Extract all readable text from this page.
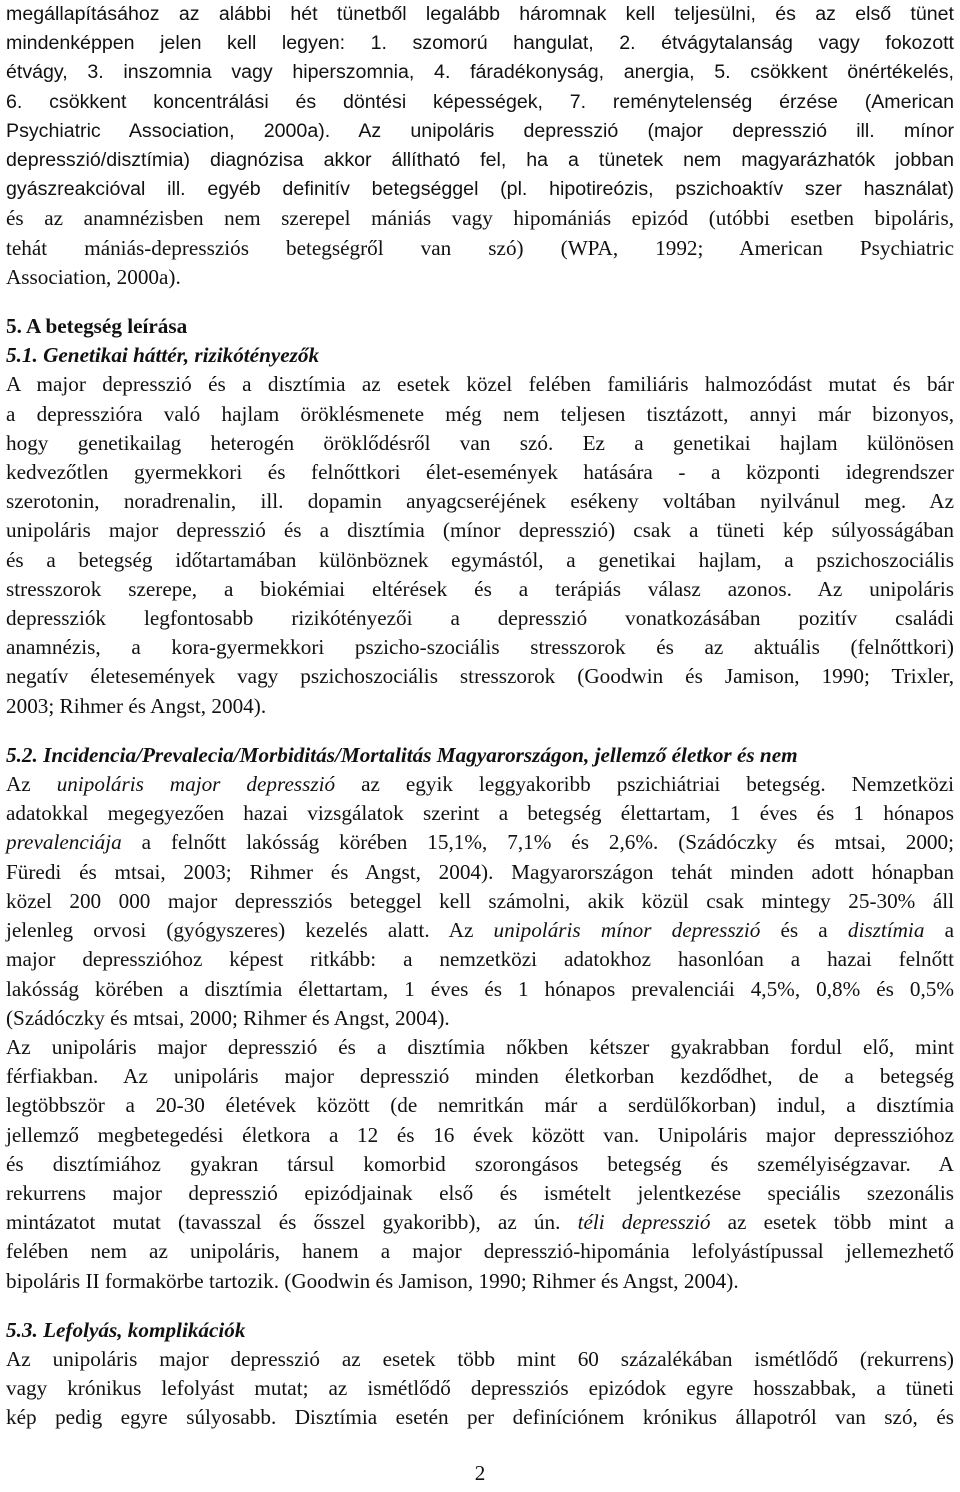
megállapításához az alábbi hét tünetből legalább háromnak kell teljesülni, és az első tünet
mindenképpen jelen kell legyen: 1. szomorú hangulat, 2. étvágytalanság vagy fokozott
étvágy, 3. inszomnia vagy hiperszomnia, 4. fáradékonyság, anergia, 5. csökkent önértékelés,
6. csökkent koncentrálási és döntési képességek, 7. reménytelenség érzése (American
Psychiatric Association, 2000a). Az unipoláris depresszió (major depresszió ill. mínor
depresszió/disztímia) diagnózisa akkor állítható fel, ha a tünetek nem magyarázhatók jobban
gyászreakcióval ill. egyéb definitív betegséggel (pl. hipotireózis, pszichoaktív szer használat)

és az anamnézisben nem szerepel mániás vagy hipomániás epizód (utóbbi esetben bipoláris,
tehát mániás-depressziós betegségről van szó) (WPA, 1992; American Psychiatric
Association, 2000a).

5. A betegség leírása
5.1. Genetikai háttér, rizikótényezők

A major depresszió és a disztímia az esetek közel felében familiáris halmozódást mutat és bár
a depresszióra való hajlam öröklésmenete még nem teljesen tisztázott, annyi már bizonyos,
hogy genetikailag heterogén öröklődésről van szó. Ez a genetikai hajlam különösen
kedvezőtlen gyermekkori és felnőttkori élet-események hatására - a központi idegrendszer
szerotonin, noradrenalin, ill. dopamin anyagcseréjének esékeny voltában nyilvánul meg. Az
unipoláris major depresszió és a disztímia (mínor depresszió) csak a tüneti kép súlyosságában
és a betegség időtartamában különböznek egymástól, a genetikai hajlam, a pszichoszociális
stresszorok szerepe, a biokémiai eltérések és a terápiás válasz azonos. Az unipoláris
depressziók legfontosabb rizikótényezői a depresszió vonatkozásában pozitív családi
anamnézis, a kora-gyermekkori pszicho-szociális stresszorok és az aktuális (felnőttkori)
negatív életesemények vagy pszichoszociális stresszorok (Goodwin és Jamison, 1990; Trixler,
2003; Rihmer és Angst, 2004).

5.2. Incidencia/Prevalecia/Morbiditás/Mortalitás Magyarországon, jellemző életkor és nem

Az unipoláris major depresszió az egyik leggyakoribb pszichiátriai betegség. Nemzetközi
adatokkal megegyezően hazai vizsgálatok szerint a betegség élettartam, 1 éves és 1 hónapos
prevalenciája a felnőtt lakósság körében 15,1%, 7,1% és 2,6%. (Szádóczky és mtsai, 2000;
Füredi és mtsai, 2003; Rihmer és Angst, 2004). Magyarországon tehát minden adott hónapban
közel 200 000 major depressziós beteggel kell számolni, akik közül csak mintegy 25-30% áll
jelenleg orvosi (gyógyszeres) kezelés alatt. Az unipoláris mínor depresszió és a disztímia a
major depresszióhoz képest ritkább: a nemzetközi adatokhoz hasonlóan a hazai felnőtt
lakósság körében a disztímia élettartam, 1 éves és 1 hónapos prevalenciái 4,5%, 0,8% és 0,5%
(Szádóczky és mtsai, 2000; Rihmer és Angst, 2004).

Az unipoláris major depresszió és a disztímia nőkben kétszer gyakrabban fordul elő, mint
férfiakban. Az unipoláris major depresszió minden életkorban kezdődhet, de a betegség
legtöbbször a 20-30 életévek között (de nemritkán már a serdülőkorban) indul, a disztímia
jellemző megbetegedési életkora a 12 és 16 évek között van. Unipoláris major depresszióhoz
és disztímiához gyakran társul komorbid szorongásos betegség és személyiségzavar. A
rekurrens major depresszió epizódjainak első és ismételt jelentkezése speciális szezonális
mintázatot mutat (tavasszal és ősszel gyakoribb), az ún. téli depresszió az esetek több mint a
felében nem az unipoláris, hanem a major depresszió-hipománia lefolyástípussal jellemezhető
bipoláris II formakörbe tartozik. (Goodwin és Jamison, 1990; Rihmer és Angst, 2004).

5.3. Lefolyás, komplikációk

Az unipoláris major depresszió az esetek több mint 60 százalékában ismétlődő (rekurrens)
vagy krónikus lefolyást mutat; az ismétlődő depressziós epizódok egyre hosszabbak, a tüneti
kép pedig egyre súlyosabb. Disztímia esetén per definíciónem krónikus állapotról van szó, és

2
